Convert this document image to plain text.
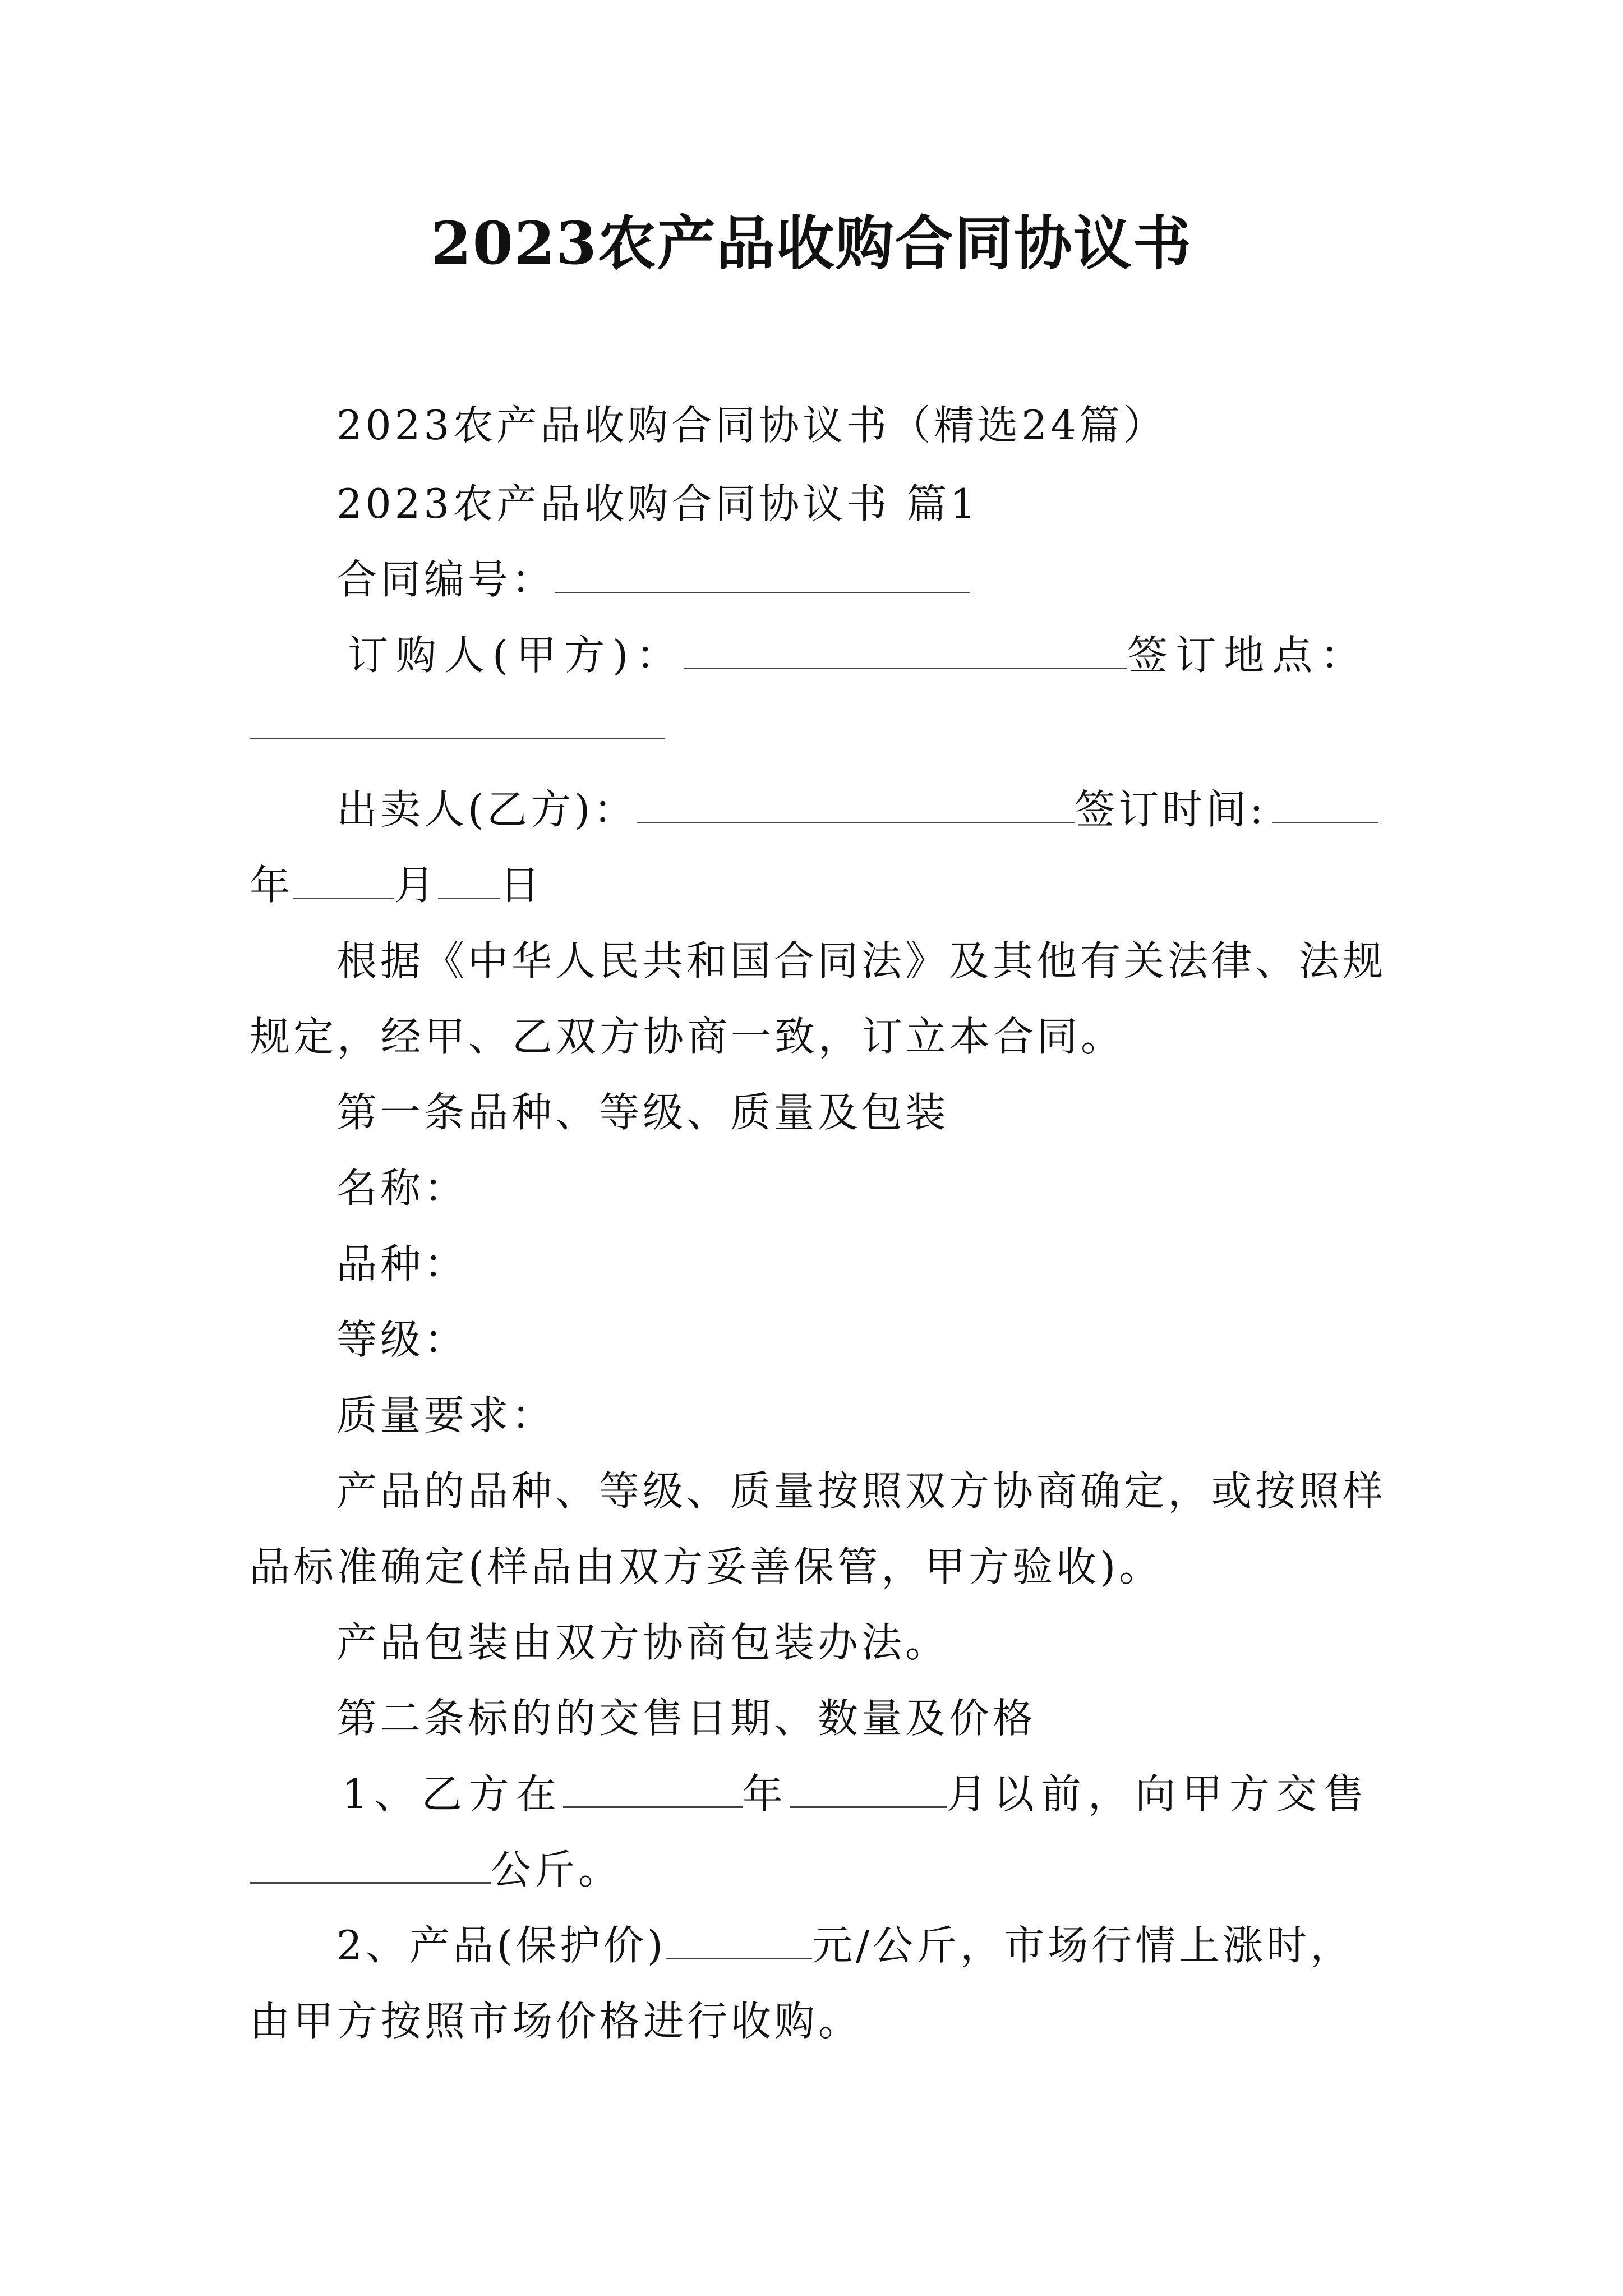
2023农产品收购合同协议书
2023农产品收购合同协议书（精选24篇）
2023农产品收购合同协议书 篇1
合同编号：
订购人(甲方)：	签订地点：
出卖人(乙方)：	签订时间:
年	月 日
根据《中华人民共和国合同法》及其他有关法律、法规
规定，经甲、乙双方协商一致，订立本合同。
第一条品种、等级、质量及包装
名称：
品种：
等级：
质量要求：
产品的品种、等级、质量按照双方协商确定，或按照样
品标准确定(样品由双方妥善保管，甲方验收)。
产品包装由双方协商包装办法。
第二条标的的交售日期、数量及价格
1、乙方在	年	月以前，向甲方交售
公斤。
2、产品(保护价)	元/公斤，市场行情上涨时，
由甲方按照市场价格进行收购。
